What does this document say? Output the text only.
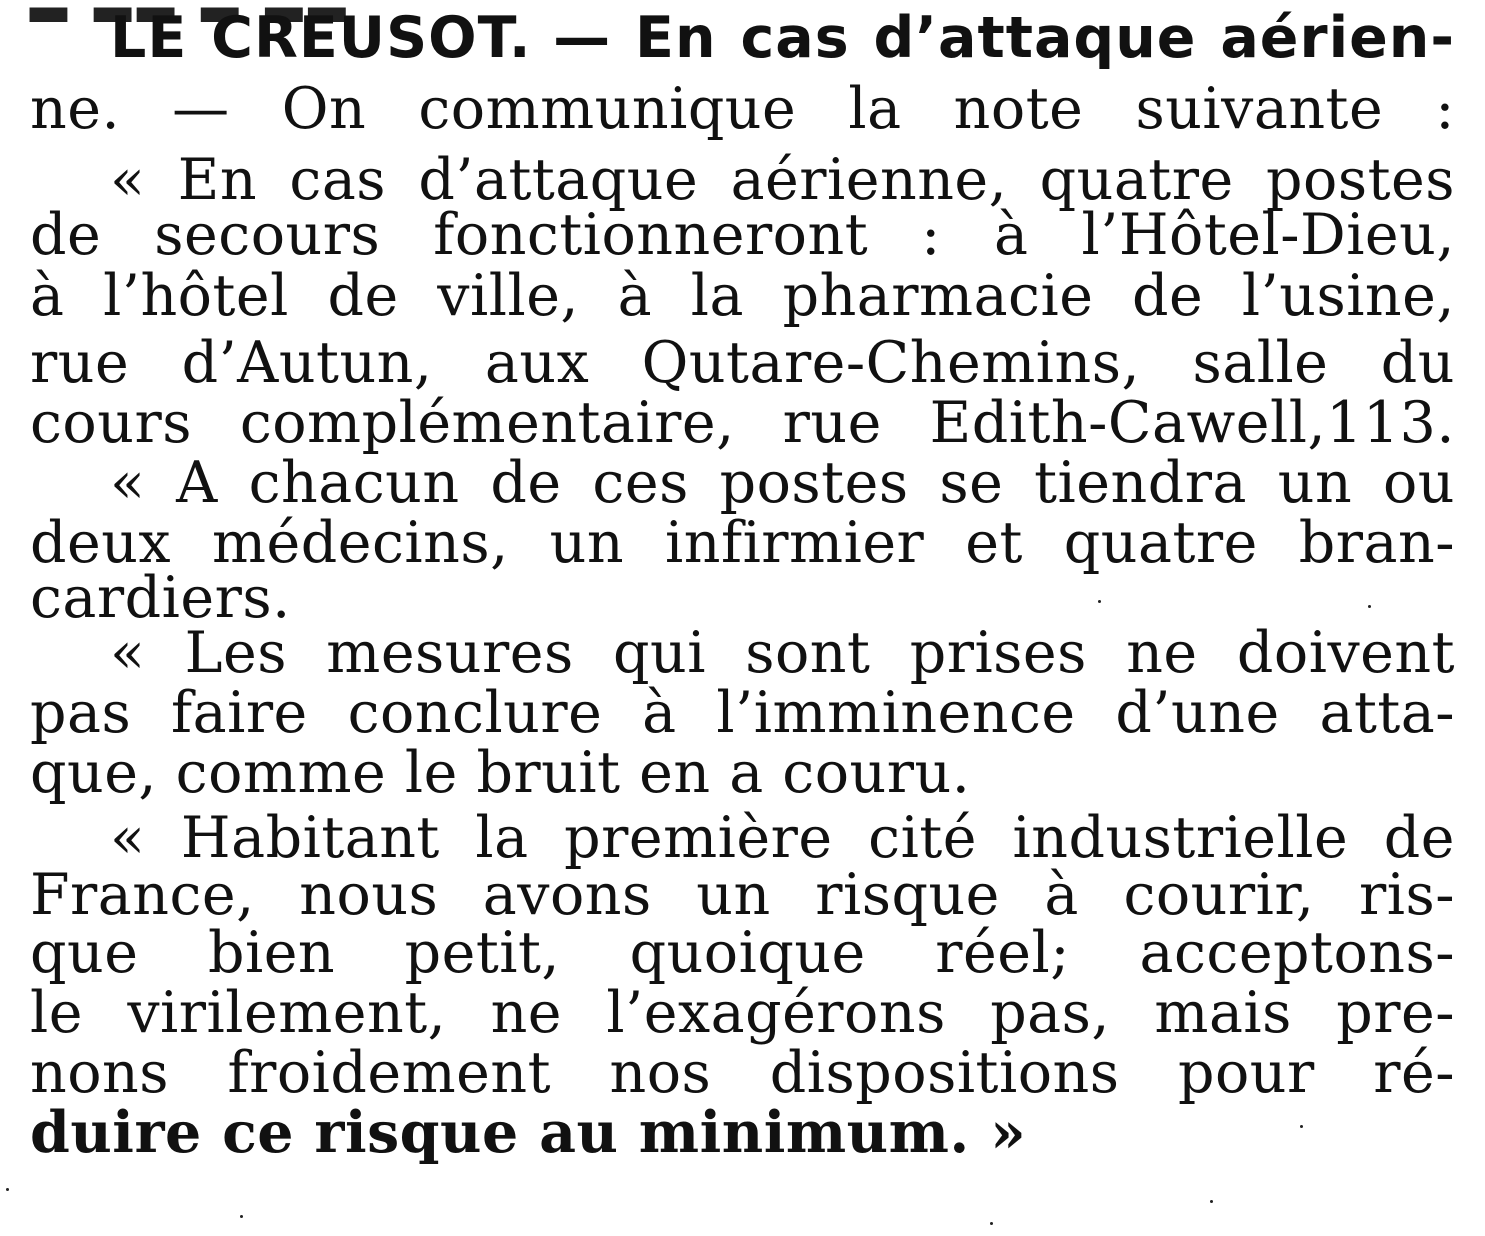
LE CREUSOT. — En cas d’attaque aérien-
ne. — On communique la note suivante :
« En cas d’attaque aérienne, quatre postes
de secours fonctionneront : à l’Hôtel-Dieu,
à l’hôtel de ville, à la pharmacie de l’usine,
rue d’Autun, aux Qutare-Chemins, salle du
cours complémentaire, rue Edith-Cawell,113.
« A chacun de ces postes se tiendra un ou
deux médecins, un infirmier et quatre bran-
cardiers.
« Les mesures qui sont prises ne doivent
pas faire conclure à l’imminence d’une atta-
que, comme le bruit en a couru.
« Habitant la première cité industrielle de
France, nous avons un risque à courir, ris-
que bien petit, quoique réel; acceptons-
le virilement, ne l’exagérons pas, mais pre-
nons froidement nos dispositions pour ré-
duire ce risque au minimum. »
